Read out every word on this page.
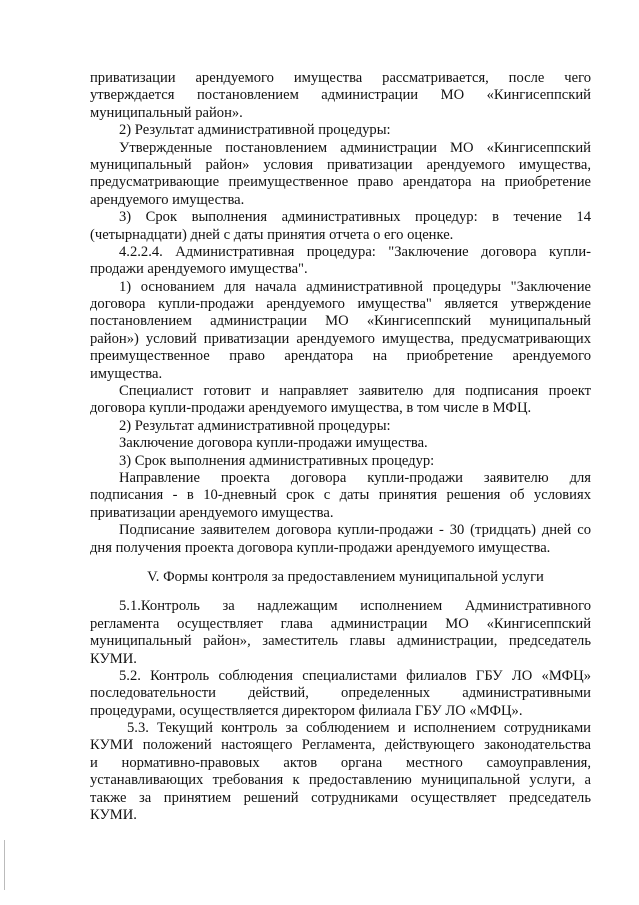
приватизации арендуемого имущества рассматривается, после чего
утверждается постановлением администрации МО «Кингисеппский
муниципальный район».
2) Результат административной процедуры:
Утвержденные постановлением администрации МО «Кингисеппский
муниципальный район» условия приватизации арендуемого имущества,
предусматривающие преимущественное право арендатора на приобретение
арендуемого имущества.
3) Срок выполнения административных процедур: в течение 14
(четырнадцати) дней с даты принятия отчета о его оценке.
4.2.2.4. Административная процедура: "Заключение договора купли-
продажи арендуемого имущества".
1) основанием для начала административной процедуры "Заключение
договора купли-продажи арендуемого имущества" является утверждение
постановлением администрации МО «Кингисеппский муниципальный
район») условий приватизации арендуемого имущества, предусматривающих
преимущественное право арендатора на приобретение арендуемого
имущества.
Специалист готовит и направляет заявителю для подписания проект
договора купли-продажи арендуемого имущества, в том числе в МФЦ.
2) Результат административной процедуры:
Заключение договора купли-продажи имущества.
3) Срок выполнения административных процедур:
Направление проекта договора купли-продажи заявителю для
подписания - в 10-дневный срок с даты принятия решения об условиях
приватизации арендуемого имущества.
Подписание заявителем договора купли-продажи - 30 (тридцать) дней со
дня получения проекта договора купли-продажи арендуемого имущества.
V. Формы контроля за предоставлением муниципальной услуги
5.1.Контроль за надлежащим исполнением Административного
регламента осуществляет глава администрации МО «Кингисеппский
муниципальный район», заместитель главы администрации, председатель
КУМИ.
5.2. Контроль соблюдения специалистами филиалов ГБУ ЛО «МФЦ»
последовательности действий, определенных административными
процедурами, осуществляется директором филиала ГБУ ЛО «МФЦ».
5.3. Текущий контроль за соблюдением и исполнением сотрудниками
КУМИ положений настоящего Регламента, действующего законодательства
и нормативно-правовых актов органа местного самоуправления,
устанавливающих требования к предоставлению муниципальной услуги, а
также за принятием решений сотрудниками осуществляет председатель
КУМИ.
